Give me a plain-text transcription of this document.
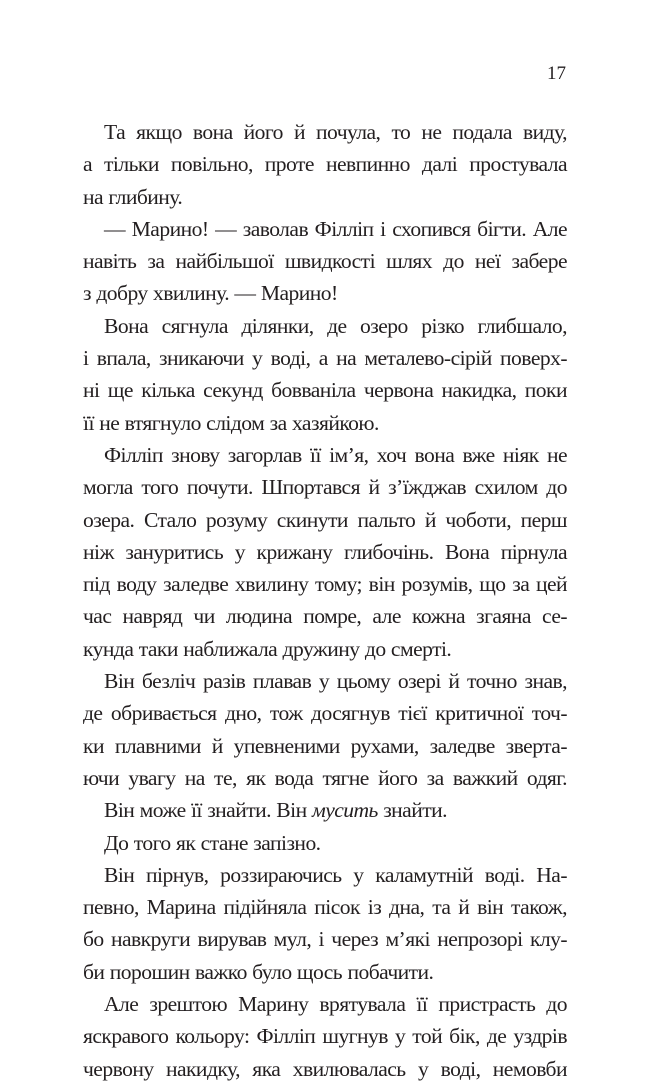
17
Та якщо вона його й почула, то не подала виду,
а тільки повільно, проте невпинно далі простувала
на глибину.
— Марино! — заволав Філліп і схопився бігти. Але
навіть за найбільшої швидкості шлях до неї забере
з добру хвилину. — Марино!
Вона сягнула ділянки, де озеро різко глибшало,
і впала, зникаючи у воді, а на металево-сірій поверх-
ні ще кілька секунд бовваніла червона накидка, поки
її не втягнуло слідом за хазяйкою.
Філліп знову загорлав її ім’я, хоч вона вже ніяк не
могла того почути. Шпортався й з’їжджав схилом до
озера. Стало розуму скинути пальто й чоботи, перш
ніж зануритись у крижану глибочінь. Вона пірнула
під воду заледве хвилину тому; він розумів, що за цей
час навряд чи людина помре, але кожна згаяна се-
кунда таки наближала дружину до смерті.
Він безліч разів плавав у цьому озері й точно знав,
де обривається дно, тож досягнув тієї критичної точ-
ки плавними й упевненими рухами, заледве зверта-
ючи увагу на те, як вода тягне його за важкий одяг.
Він може її знайти. Він мусить знайти.
До того як стане запізно.
Він пірнув, роззираючись у каламутній воді. На-
певно, Марина підійняла пісок із дна, та й він також,
бо навкруги вирував мул, і через м’які непрозорі клу-
би порошин важко було щось побачити.
Але зрештою Марину врятувала її пристрасть до
яскравого кольору: Філліп шугнув у той бік, де уздрів
червону накидку, яка хвилювалась у воді, немовби
